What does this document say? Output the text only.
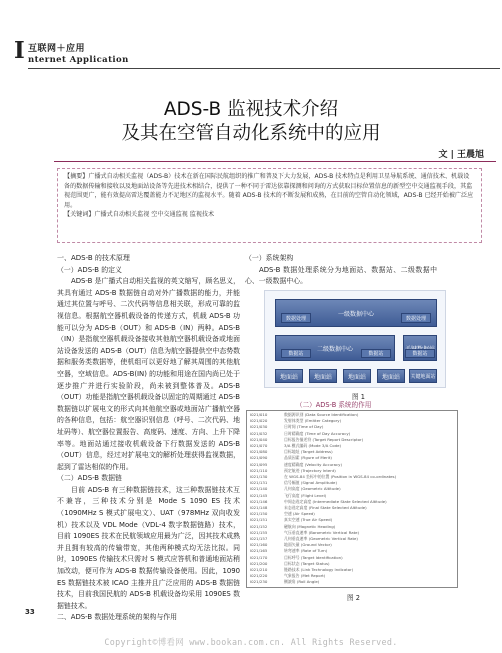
I 互联网＋应用
nternet Application
ADS-B 监视技术介绍
及其在空管自动化系统中的应用
文 | 王晨旭
【摘要】广播式自动相关监视（ADS-B）技术在新在国际民航组织的推广和普及下大力发展，ADS-B 技术特点是利用卫星导航系统、通信技术、机载设备的数据传输和接收以及地面站设备等先进技术相结合，提供了一种不同于雷达依靠探测和问询的方式获取目标位置信息的新型空中交通监视手段，其监视范围更广，能有效提高雷达覆盖能力不足地区的监视水平。随着 ADS-B 技术的不断发展和成熟，在目前的空管自动化领域，ADS-B 已经开始被广泛应用。
【关键词】广播式自动相关监视 空中交通监视 监视技术

一、ADS-B 的技术原理

（一）ADS-B 的定义

ADS-B 是广播式自动相关监视的英文缩写，顾名思义，其具有通过 ADS-B 数据链自动对外广播数据的能力，并能通过其位置与呼号、二次代码等信息相关联，形成可靠的监视信息。根据航空器机载设备的传递方式，机载 ADS-B 功能可以分为 ADS-B（OUT）和 ADS-B（IN）两种。ADS-B（IN）是指航空器机载设备接收其他航空器机载设备或地面站设备发送的 ADS-B（OUT）信息为航空器提供空中态势数据和服务类数据等，使机组可以更好地了解其周围的其他航空器，空域信息。ADS-B(IN) 的功能和用途在国内尚已处于逐步推广并进行实验阶段，尚未被到整体普及。ADS-B（OUT）功能是指航空器机载设备以固定的周期通过 ADS-B 数据链以扩展电文的形式向其他航空器或地面站广播航空器的各种信息，包括：航空器识别信息（呼号、二次代码、地址码等）、航空器位置报告、高度码、速度、方向、上升下降率等。地面站通过接收机载设备下行数据发送的 ADS-B（OUT）信息，经过对扩展电文的解析处理获得监视数据，起到了雷达相似的作用。

（二）ADS-B 数据链

目前 ADS-B 有三种数据链技术，这三种数据链技术互不兼容，三种技术分别是 Mode S 1090 ES 技术（1090MHz S 模式扩展电文）、UAT（978MHz 双向收发机）技术以及 VDL Mode（VDL-4 数字数据链路）技术，目前 1090ES 技术在民航领域应用最为广泛，因其技术成熟并且拥有较高的传输带宽，其他两种模式均无法比拟。同时，1090ES 传输技术只需对 S 模式应答机和普通地面站稍加改动，便可作为 ADS-B 数据传输设备使用。因此，1090 ES 数据链技术被 ICAO 主推并且广泛应用的 ADS-B 数据链技术，目前我国民航的 ADS-B 机载设备均采用 1090ES 数据链技术。

二、ADS-B 数据处理系统的架构与作用

（一）系统架构

ADS-B 数据处理系统分为地面站、数据站、二级数据中心、一级数据中心。

一级数据中心
数据处理	数据处理
二级数据中心
数据站	数据站	数据站
地面站	地面站	地面站	地面站	关键地面站
图 1
（二）ADS-B 系统的作用
I021/010	数据源识别 (Data Source Identification)
I021/020	发射体类型 (Emitter Category)
I021/030	日时间 (Time of Day)
I021/032	日时精确度 (Time of Day Accuracy)
I021/040	目标报告描述符 (Target Report Descriptor)
I021/070	3/A 模式编码 (Mode 3/A Code)
I021/080	目标地址 (Target Address)
I021/090	品质因素 (Figure of Merit)
I021/095	速度精确度 (Velocity Accuracy)
I021/110	预定航迹 (Trajectory Intent)
I021/130	在 WGS-84 坐标中的位置 (Position in WGS-84 co-ordinates)
I021/131	信号幅值 (Signal Amplitude)
I021/140	几何高度 (Geometric Altitude)
I021/145	飞行高度 (Flight Level)
I021/146	中间态选定高度 (Intermediate State Selected Altitude)
I021/148	末态选定高度 (Final State Selected Altitude)
I021/150	空速 (Air Speed)
I021/151	真实空速 (True Air Speed)
I021/152	磁航向 (Magnetic Heading)
I021/155	气压垂直速率 (Barometric Vertical Rate)
I021/157	几何垂直速率 (Geometric Vertical Rate)
I021/160	地面矢量 (Ground Vector)
I021/165	转弯速率 (Rate of Turn)
I021/170	目标呼号 (Target Identification)
I021/200	目标状态 (Target Status)
I021/210	链路技术 (Link Technology Indicator)
I021/220	气象报告 (Met Report)
I021/230	侧滚角 (Roll Angle)
图 2
33
Copyright©博看网 www.bookan.com.cn. All Rights Reserved.
